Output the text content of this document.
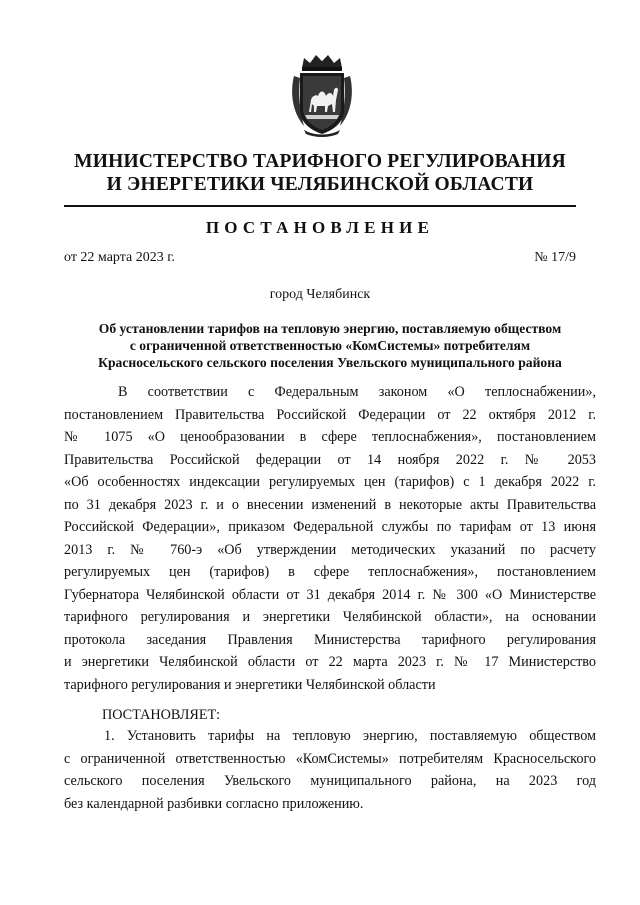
МИНИСТЕРСТВО ТАРИФНОГО РЕГУЛИРОВАНИЯ
И ЭНЕРГЕТИКИ ЧЕЛЯБИНСКОЙ ОБЛАСТИ
ПОСТАНОВЛЕНИЕ
от 22 марта 2023 г.	№ 17/9
город Челябинск
Об установлении тарифов на тепловую энергию, поставляемую обществом
с ограниченной ответственностью «КомСистемы» потребителям
Красносельского сельского поселения Увельского муниципального района
В соответствии с Федеральным законом «О теплоснабжении»,
постановлением Правительства Российской Федерации от 22 октября 2012 г.
№ 1075 «О ценообразовании в сфере теплоснабжения», постановлением
Правительства Российской федерации от 14 ноября 2022 г. № 2053
«Об особенностях индексации регулируемых цен (тарифов) с 1 декабря 2022 г.
по 31 декабря 2023 г. и о внесении изменений в некоторые акты Правительства
Российской Федерации», приказом Федеральной службы по тарифам от 13 июня
2013 г. № 760-э «Об утверждении методических указаний по расчету
регулируемых цен (тарифов) в сфере теплоснабжения», постановлением
Губернатора Челябинской области от 31 декабря 2014 г. № 300 «О Министерстве
тарифного регулирования и энергетики Челябинской области», на основании
протокола заседания Правления Министерства тарифного регулирования
и энергетики Челябинской области от 22 марта 2023 г. № 17 Министерство
тарифного регулирования и энергетики Челябинской области
ПОСТАНОВЛЯЕТ:
1. Установить тарифы на тепловую энергию, поставляемую обществом
с ограниченной ответственностью «КомСистемы» потребителям Красносельского
сельского поселения Увельского муниципального района, на 2023 год
без календарной разбивки согласно приложению.
